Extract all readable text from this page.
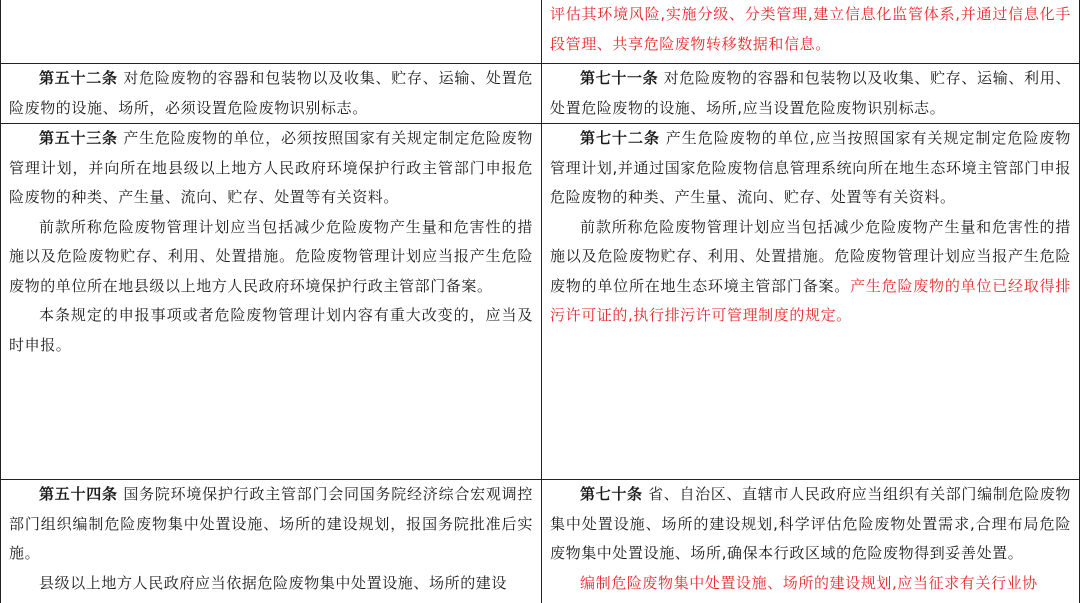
评估其环境风险,实施分级、分类管理,建立信息化监管体系,并通过信息化手段管理、共享危险废物转移数据和信息。

第五十二条 对危险废物的容器和包装物以及收集、贮存、运输、处置危险废物的设施、场所，必须设置危险废物识别标志。

第七十一条 对危险废物的容器和包装物以及收集、贮存、运输、利用、处置危险废物的设施、场所,应当设置危险废物识别标志。

第五十三条 产生危险废物的单位，必须按照国家有关规定制定危险废物管理计划，并向所在地县级以上地方人民政府环境保护行政主管部门申报危险废物的种类、产生量、流向、贮存、处置等有关资料。

前款所称危险废物管理计划应当包括减少危险废物产生量和危害性的措施以及危险废物贮存、利用、处置措施。危险废物管理计划应当报产生危险废物的单位所在地县级以上地方人民政府环境保护行政主管部门备案。

本条规定的申报事项或者危险废物管理计划内容有重大改变的，应当及时申报。

第七十二条 产生危险废物的单位,应当按照国家有关规定制定危险废物管理计划,并通过国家危险废物信息管理系统向所在地生态环境主管部门申报危险废物的种类、产生量、流向、贮存、处置等有关资料。

前款所称危险废物管理计划应当包括减少危险废物产生量和危害性的措施以及危险废物贮存、利用、处置措施。危险废物管理计划应当报产生危险废物的单位所在地生态环境主管部门备案。产生危险废物的单位已经取得排污许可证的,执行排污许可管理制度的规定。

第五十四条 国务院环境保护行政主管部门会同国务院经济综合宏观调控部门组织编制危险废物集中处置设施、场所的建设规划，报国务院批准后实施。

县级以上地方人民政府应当依据危险废物集中处置设施、场所的建设

第七十条 省、自治区、直辖市人民政府应当组织有关部门编制危险废物集中处置设施、场所的建设规划,科学评估危险废物处置需求,合理布局危险废物集中处置设施、场所,确保本行政区域的危险废物得到妥善处置。

编制危险废物集中处置设施、场所的建设规划,应当征求有关行业协
